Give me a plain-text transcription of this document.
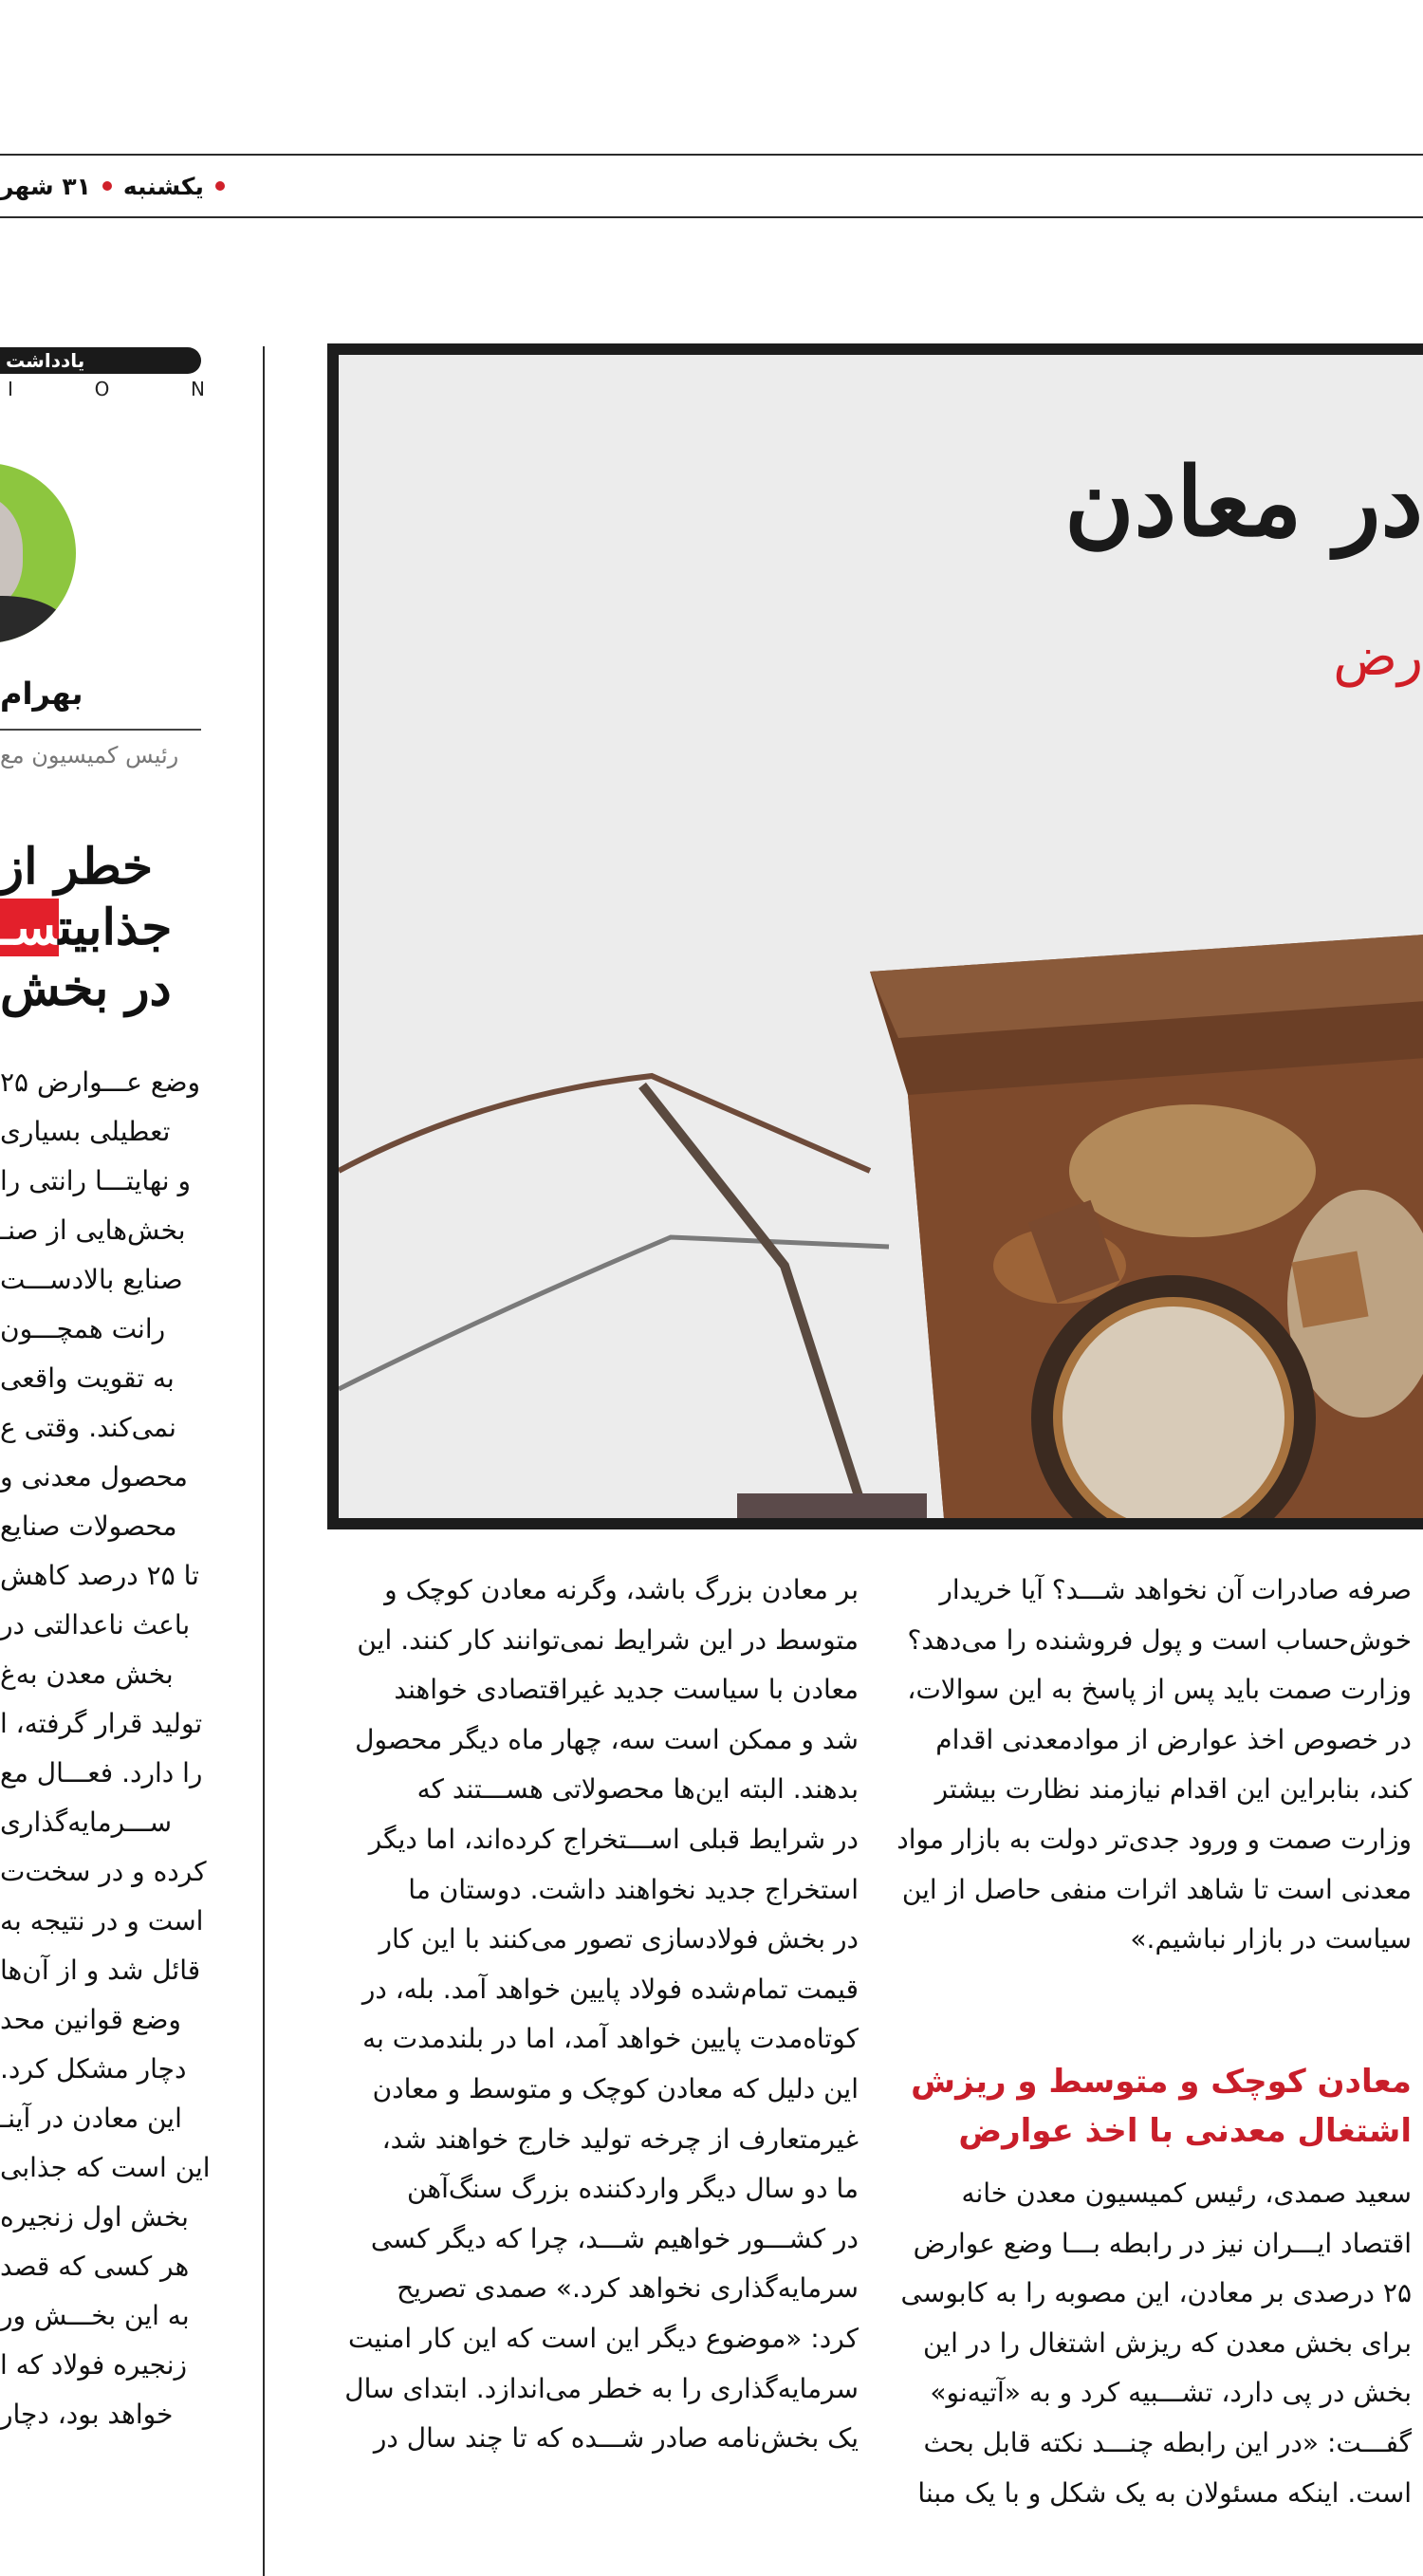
یکشنبه
۳۱ شهر
یادداشت
I	O	N
بهرام
رئیس کمیسیون مع
خطر از
جذابیتسـ
در بخش
وضع عـــوارض ۲۵
تعطیلی بسیاری
و نهایتـــا رانتی را
بخش‌هایی از صنـ
صنایع بالادســـت
رانت همچـــون
به تقویت واقعی
نمی‌کند. وقتی ع
محصول معدنی و
محصولات صنایع
تا ۲۵ درصد کاهش
باعث ناعدالتی در
بخش معدن به‌غ
تولید قرار گرفته، ا
را دارد. فعـــال مع
ســـرمایه‌گذاری
کرده و در سخت‌ت
است و در نتیجه به
قائل شد و از آن‌ها
وضع قوانین محد
دچار مشکل کرد.
این معادن در آینـ
این است که جذابی
بخش اول زنجیره
هر کسی که قصد
به این بخـــش ور
زنجیره فولاد که ا
خواهد بود، دچار
در معادن
رض
صرفه صادرات آن نخواهد شـــد؟ آیا خریدار
خوش‌حساب است و پول فروشنده را می‌دهد؟
وزارت صمت باید پس از پاسخ به این سوالات،
در خصوص اخذ عوارض از موادمعدنی اقدام
کند، بنابراین این اقدام نیازمند نظارت بیشتر
وزارت صمت و ورود جدی‌تر دولت به بازار مواد
معدنی است تا شاهد اثرات منفی حاصل از این
سیاست در بازار نباشیم.»
معادن کوچک و متوسط و ریزش
اشتغال معدنی با اخذ عوارض
سعید صمدی، رئیس کمیسیون معدن خانه
اقتصاد ایـــران نیز در رابطه بـــا وضع عوارض
۲۵ درصدی بر معادن، این مصوبه را به کابوسی
برای بخش معدن که ریزش اشتغال را در این
بخش در پی دارد، تشـــبیه کرد و به «آتیه‌نو»
گفـــت: «در این رابطه چنـــد نکته قابل بحث
است. اینکه مسئولان به یک شکل و با یک مبنا
بر معادن بزرگ باشد، وگرنه معادن کوچک و
متوسط در این شرایط نمی‌توانند کار کنند. این
معادن با سیاست جدید غیراقتصادی خواهند
شد و ممکن است سه، چهار ماه دیگر محصول
بدهند. البته این‌ها محصولاتی هســـتند که
در شرایط قبلی اســـتخراج کرده‌اند، اما دیگر
استخراج جدید نخواهند داشت. دوستان ما
در بخش فولادسازی تصور می‌کنند با این کار
قیمت تمام‌شده فولاد پایین خواهد آمد. بله، در
کوتاه‌مدت پایین خواهد آمد، اما در بلندمدت به
این دلیل که معادن کوچک و متوسط و معادن
غیرمتعارف از چرخه تولید خارج خواهند شد،
ما دو سال دیگر وارد‌کننده بزرگ سنگ‌آهن
در کشـــور خواهیم شـــد، چرا که دیگر کسی
سرمایه‌گذاری نخواهد کرد.» صمدی تصریح
کرد: «موضوع دیگر این است که این کار امنیت
سرمایه‌گذاری را به خطر می‌اندازد. ابتدای سال
یک بخش‌نامه صادر شـــده که تا چند سال در
